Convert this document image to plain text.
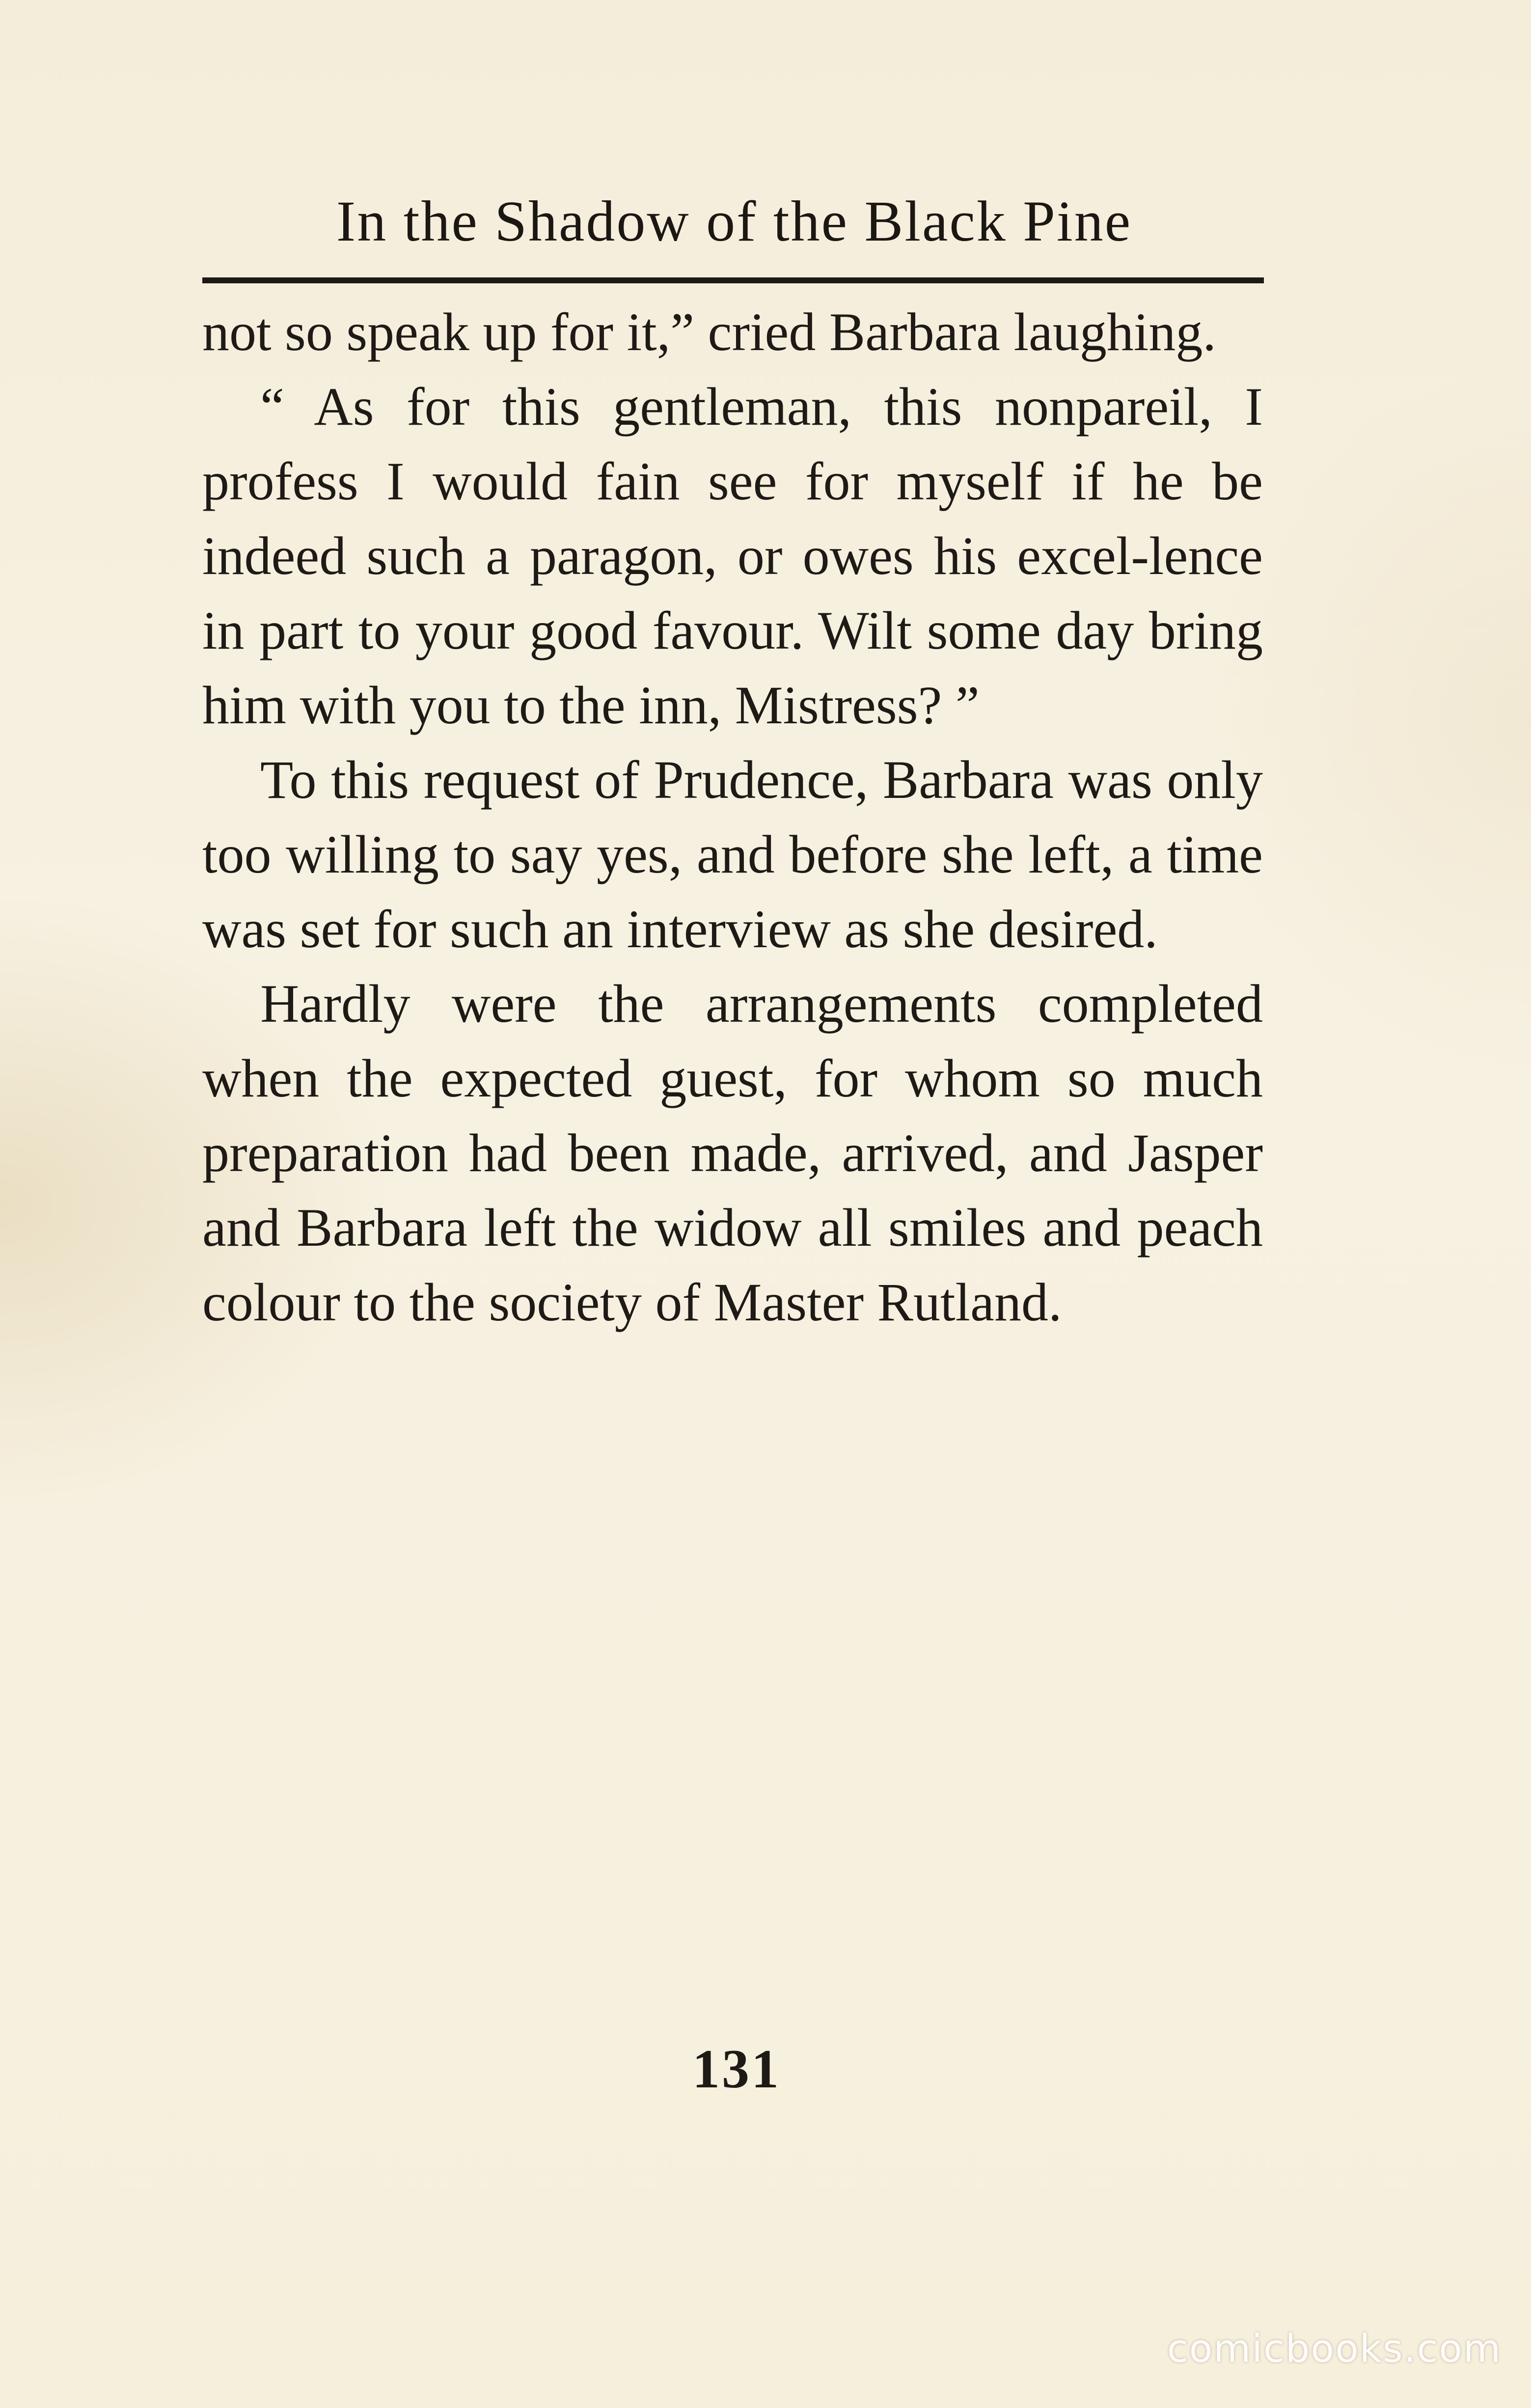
In the Shadow of the Black Pine

not so speak up for it,” cried Barbara laughing.

“ As for this gentleman, this nonpareil, I profess I would fain see for myself if he be indeed such a paragon, or owes his excel-lence in part to your good favour. Wilt some day bring him with you to the inn, Mistress? ”

To this request of Prudence, Barbara was only too willing to say yes, and before she left, a time was set for such an interview as she desired.

Hardly were the arrangements completed when the expected guest, for whom so much preparation had been made, arrived, and Jasper and Barbara left the widow all smiles and peach colour to the society of Master Rutland.

131
comicbooks.com
